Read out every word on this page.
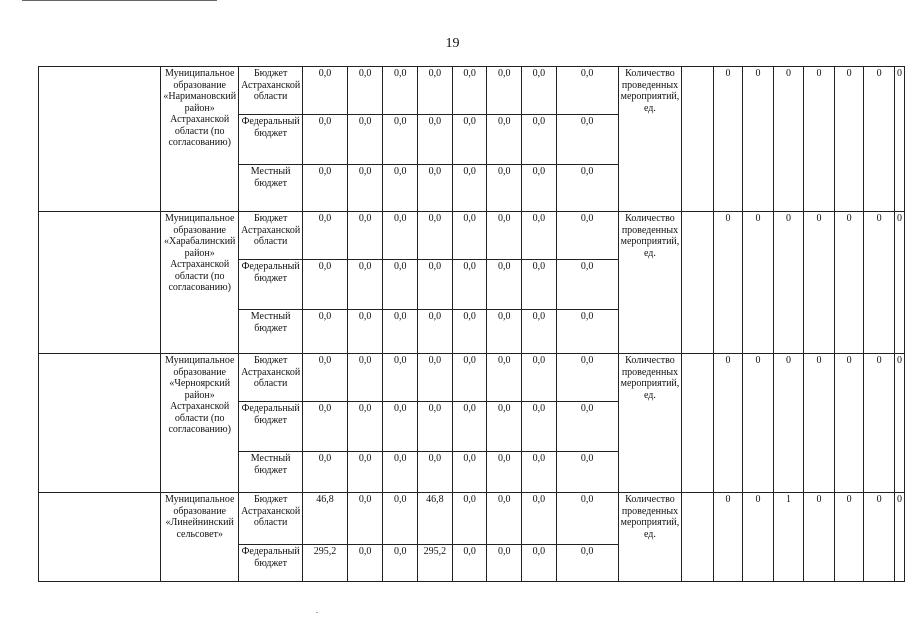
19
	Муниципальное образование «Наримановский район» Астраханской области (по согласованию)	Бюджет Астраханской области	0,0	0,0	0,0	0,0	0,0	0,0	0,0	0,0	Количество проведенных мероприятий, ед.		0	0	0	0	0	0	0
		Федеральный бюджет	0,0	0,0	0,0	0,0	0,0	0,0	0,0	0,0									
		Местный бюджет	0,0	0,0	0,0	0,0	0,0	0,0	0,0	0,0									
	Муниципальное образование «Харабалинский район» Астраханской области (по согласованию)	Бюджет Астраханской области	0,0	0,0	0,0	0,0	0,0	0,0	0,0	0,0	Количество проведенных мероприятий, ед.		0	0	0	0	0	0	0
		Федеральный бюджет	0,0	0,0	0,0	0,0	0,0	0,0	0,0	0,0									
		Местный бюджет	0,0	0,0	0,0	0,0	0,0	0,0	0,0	0,0									
	Муниципальное образование «Черноярский район» Астраханской области (по согласованию)	Бюджет Астраханской области	0,0	0,0	0,0	0,0	0,0	0,0	0,0	0,0	Количество проведенных мероприятий, ед.		0	0	0	0	0	0	0
		Федеральный бюджет	0,0	0,0	0,0	0,0	0,0	0,0	0,0	0,0									
		Местный бюджет	0,0	0,0	0,0	0,0	0,0	0,0	0,0	0,0									
	Муниципальное образование «Линейнинский сельсовет»	Бюджет Астраханской области	46,8	0,0	0,0	46,8	0,0	0,0	0,0	0,0	Количество проведенных мероприятий, ед.		0	0	1	0	0	0	0
		Федеральный бюджет	295,2	0,0	0,0	295,2	0,0	0,0	0,0	0,0									
